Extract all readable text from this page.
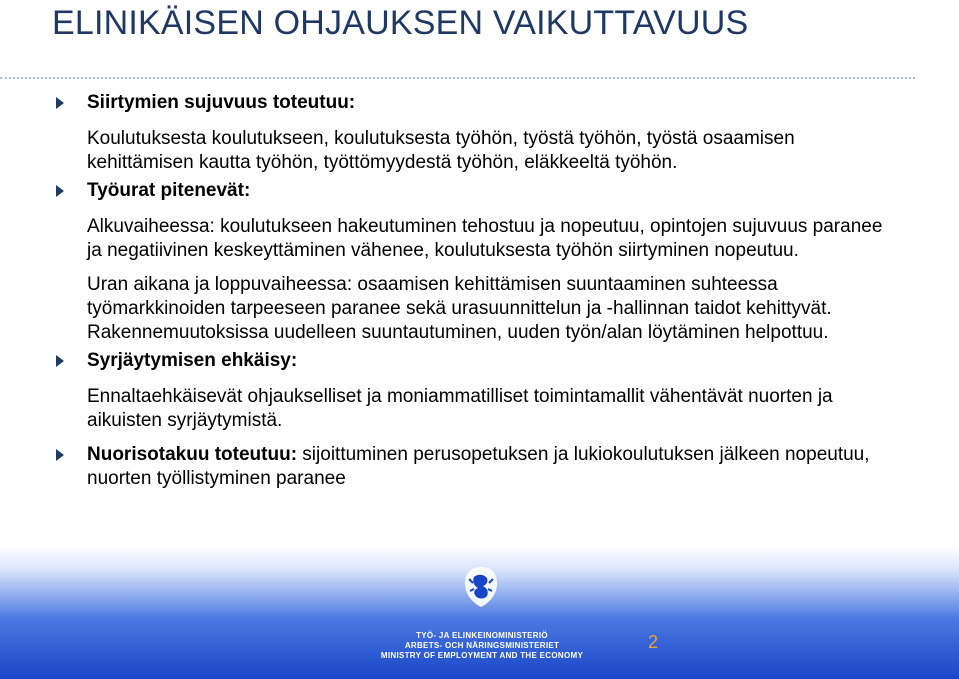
ELINIKÄISEN OHJAUKSEN VAIKUTTAVUUS
Siirtymien sujuvuus toteutuu:
Koulutuksesta koulutukseen, koulutuksesta työhön, työstä työhön, työstä osaamisen kehittämisen kautta työhön, työttömyydestä työhön, eläkkeeltä työhön.
Työurat pitenevät:
Alkuvaiheessa: koulutukseen hakeutuminen tehostuu ja nopeutuu, opintojen sujuvuus paranee ja negatiivinen keskeyttäminen vähenee, koulutuksesta työhön siirtyminen nopeutuu.
Uran aikana ja loppuvaiheessa: osaamisen kehittämisen suuntaaminen suhteessa työmarkkinoiden tarpeeseen paranee sekä urasuunnittelun ja -hallinnan taidot kehittyvät. Rakennemuutoksissa uudelleen suuntautuminen, uuden työn/alan löytäminen helpottuu.
Syrjäytymisen ehkäisy:
Ennaltaehkäisevät ohjaukselliset ja moniammatilliset toimintamallit vähentävät nuorten ja aikuisten syrjäytymistä.
Nuorisotakuu toteutuu: sijoittuminen perusopetuksen ja lukiokoulutuksen jälkeen nopeutuu, nuorten työllistyminen paranee
TYÖ- JA ELINKEINOMINISTERIÖ
ARBETS- OCH NÄRINGSMINISTERIET
MINISTRY OF EMPLOYMENT AND THE ECONOMY
2
